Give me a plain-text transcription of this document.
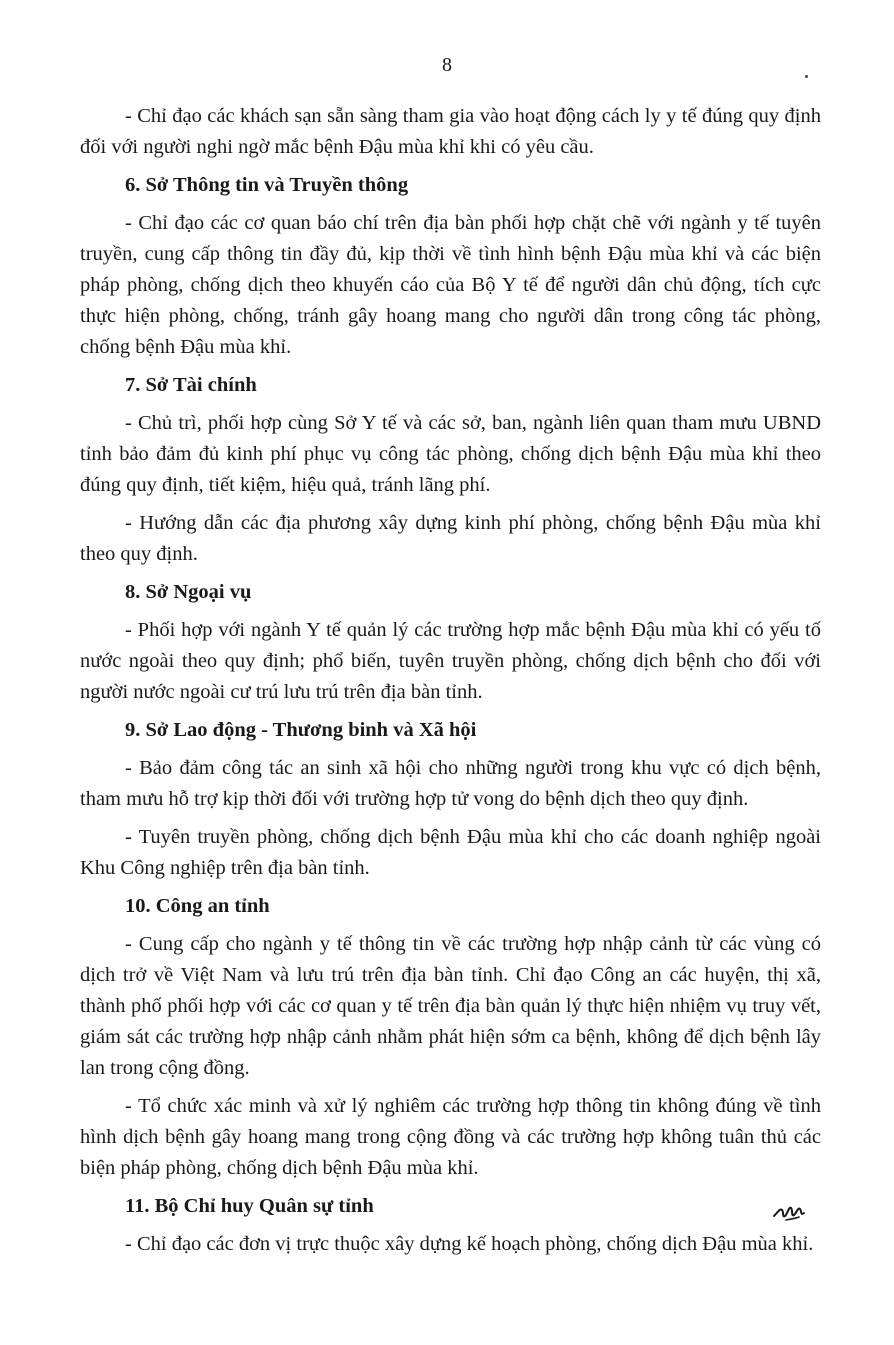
8

- Chỉ đạo các khách sạn sẵn sàng tham gia vào hoạt động cách ly y tế đúng quy định đối với người nghi ngờ mắc bệnh Đậu mùa khỉ khi có yêu cầu.

6. Sở Thông tin và Truyền thông

- Chỉ đạo các cơ quan báo chí trên địa bàn phối hợp chặt chẽ với ngành y tế tuyên truyền, cung cấp thông tin đầy đủ, kịp thời về tình hình bệnh Đậu mùa khỉ và các biện pháp phòng, chống dịch theo khuyến cáo của Bộ Y tế để người dân chủ động, tích cực thực hiện phòng, chống, tránh gây hoang mang cho người dân trong công tác phòng, chống bệnh Đậu mùa khỉ.

7. Sở Tài chính

- Chủ trì, phối hợp cùng Sở Y tế và các sở, ban, ngành liên quan tham mưu UBND tỉnh bảo đảm đủ kinh phí phục vụ công tác phòng, chống dịch bệnh Đậu mùa khỉ theo đúng quy định, tiết kiệm, hiệu quả, tránh lãng phí.

- Hướng dẫn các địa phương xây dựng kinh phí phòng, chống bệnh Đậu mùa khỉ theo quy định.

8. Sở Ngoại vụ

- Phối hợp với ngành Y tế quản lý các trường hợp mắc bệnh Đậu mùa khỉ có yếu tố nước ngoài theo quy định; phổ biến, tuyên truyền phòng, chống dịch bệnh cho đối với người nước ngoài cư trú lưu trú trên địa bàn tỉnh.

9. Sở Lao động - Thương binh và Xã hội

- Bảo đảm công tác an sinh xã hội cho những người trong khu vực có dịch bệnh, tham mưu hỗ trợ kịp thời đối với trường hợp tử vong do bệnh dịch theo quy định.

- Tuyên truyền phòng, chống dịch bệnh Đậu mùa khỉ cho các doanh nghiệp ngoài Khu Công nghiệp trên địa bàn tỉnh.

10. Công an tỉnh

- Cung cấp cho ngành y tế thông tin về các trường hợp nhập cảnh từ các vùng có dịch trở về Việt Nam và lưu trú trên địa bàn tỉnh. Chỉ đạo Công an các huyện, thị xã, thành phố phối hợp với các cơ quan y tế trên địa bàn quản lý thực hiện nhiệm vụ truy vết, giám sát các trường hợp nhập cảnh nhằm phát hiện sớm ca bệnh, không để dịch bệnh lây lan trong cộng đồng.

- Tổ chức xác minh và xử lý nghiêm các trường hợp thông tin không đúng về tình hình dịch bệnh gây hoang mang trong cộng đồng và các trường hợp không tuân thủ các biện pháp phòng, chống dịch bệnh Đậu mùa khỉ.

11. Bộ Chỉ huy Quân sự tỉnh

- Chỉ đạo các đơn vị trực thuộc xây dựng kế hoạch phòng, chống dịch Đậu mùa khỉ.
